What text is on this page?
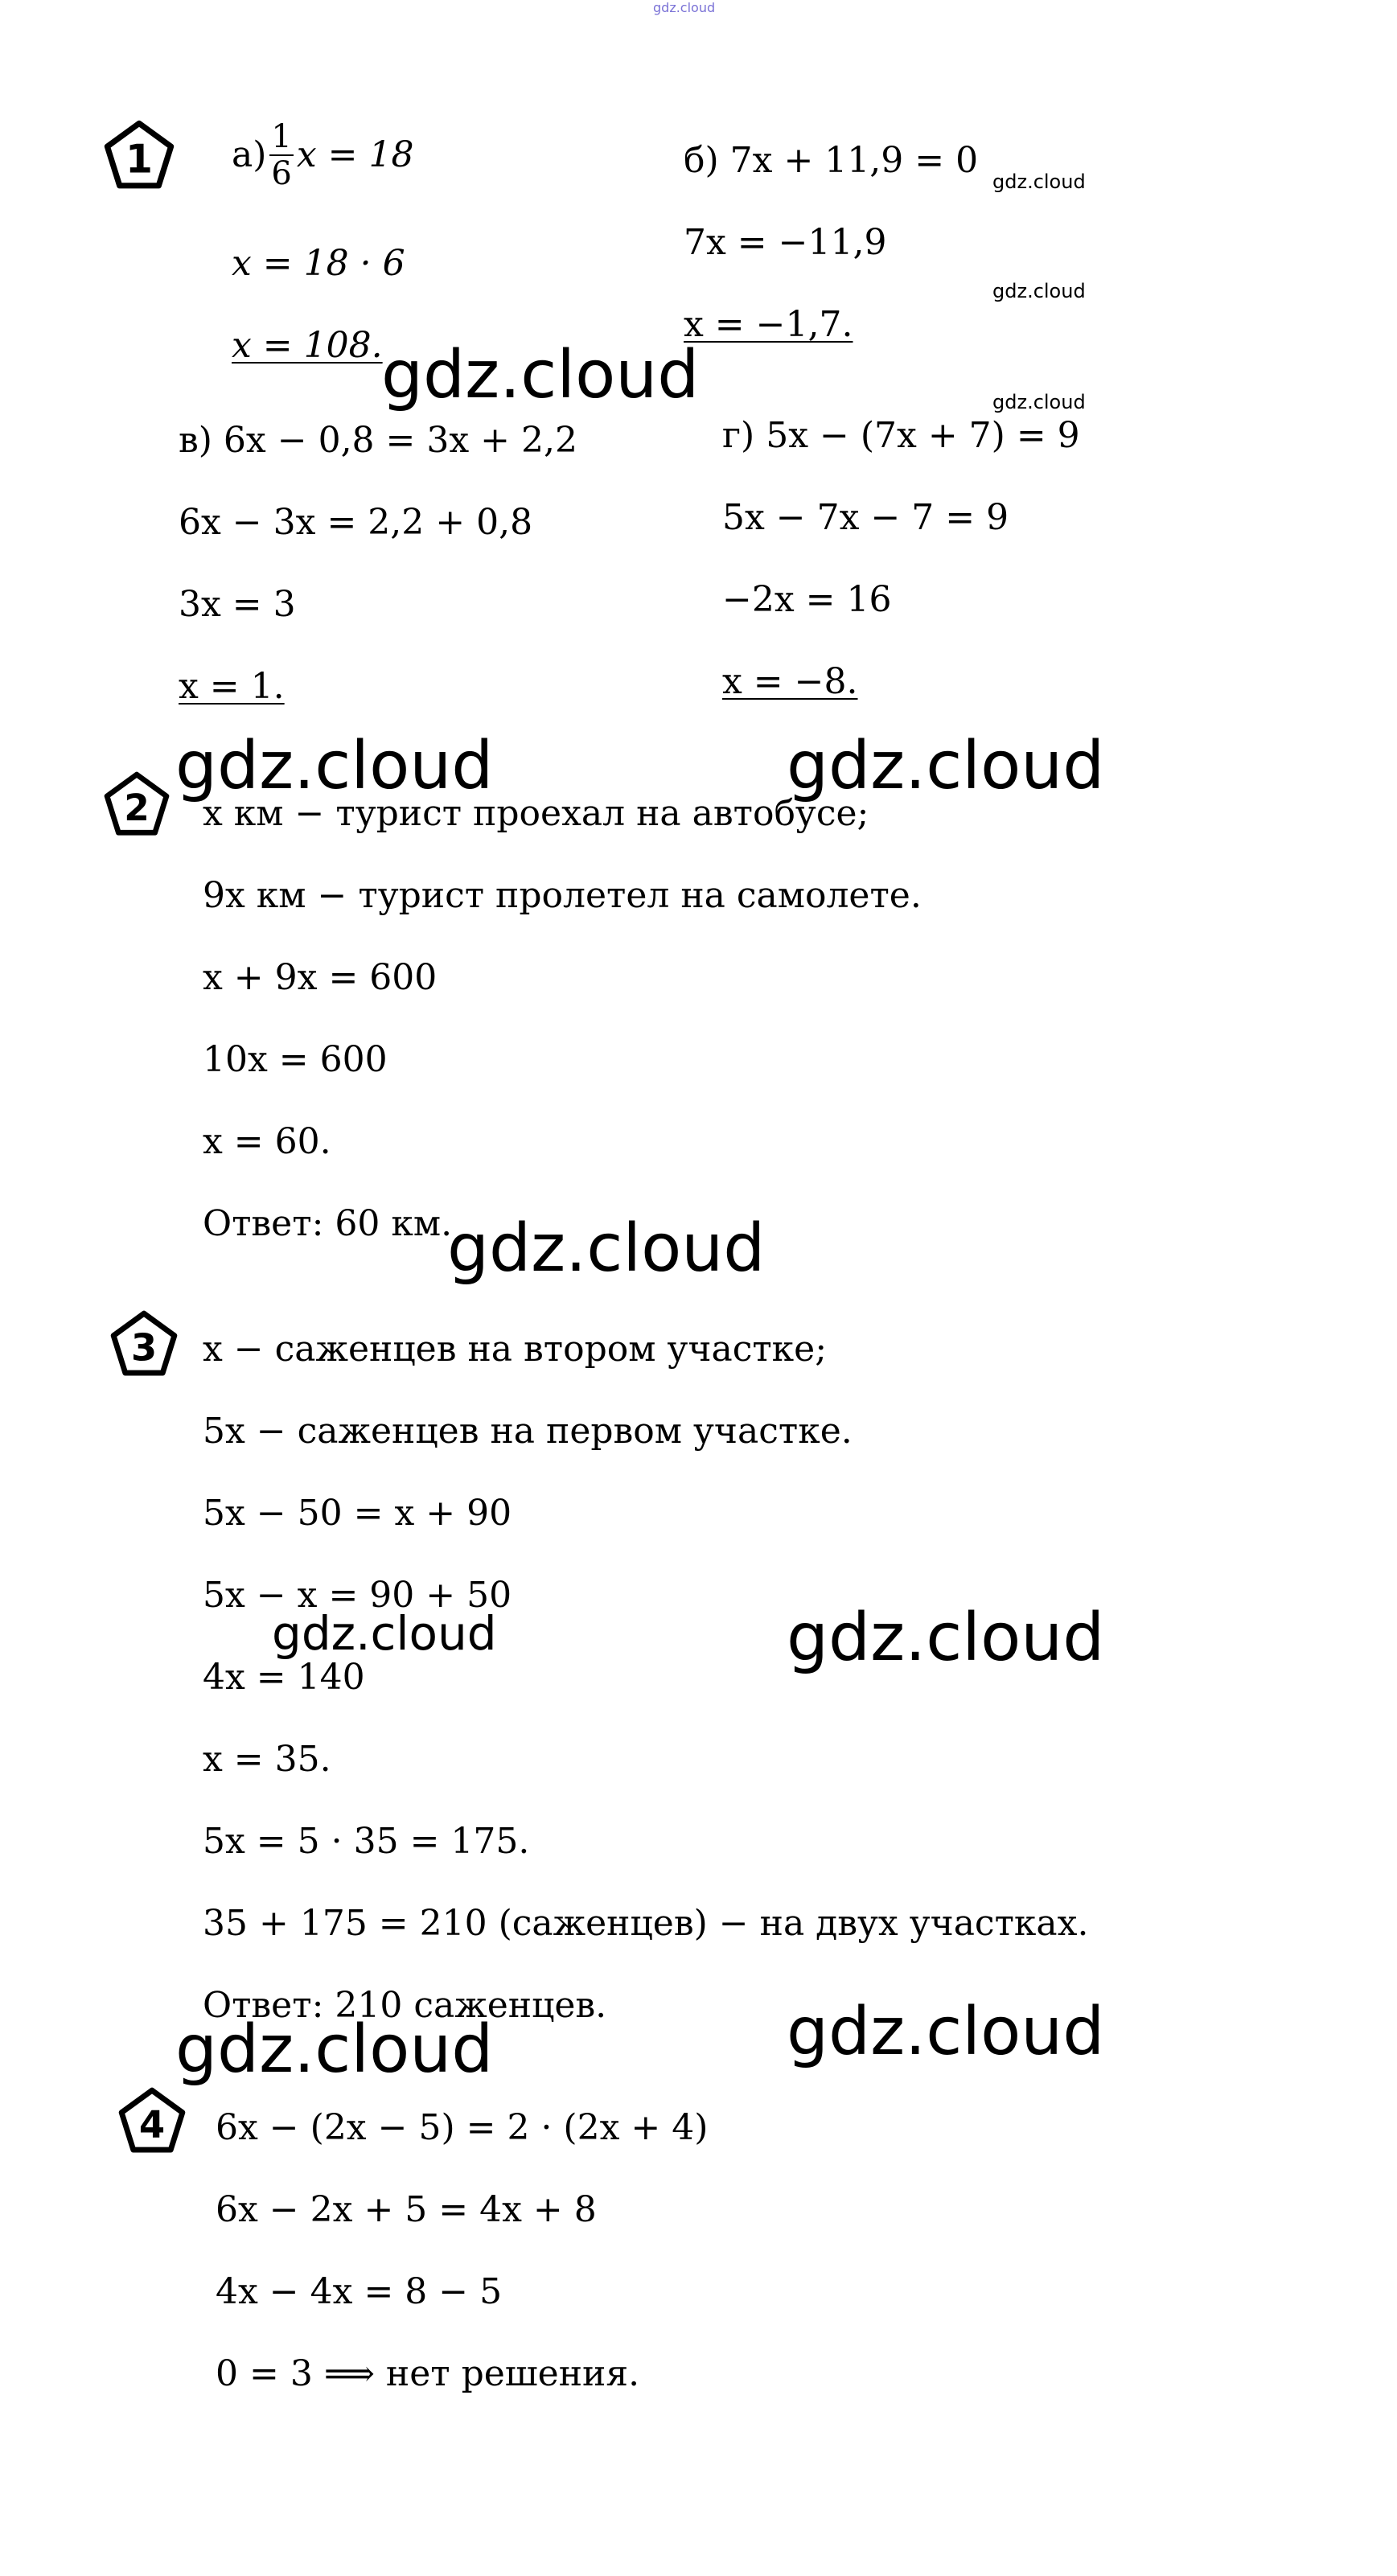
gdz.cloud
1 $а) \frac{1}{6}$ x = 18
x = 18 · 6
x = 108.
б) 7x + 11,9 = 0
7x = −11,9
x = −1,7.
gdz.cloud
gdz.cloud
gdz.cloud
gdz.cloud
в) 6x − 0,8 = 3x + 2,2
6x − 3x = 2,2 + 0,8
3x = 3
x = 1.
г) 5x − (7x + 7) = 9
5x − 7x − 7 = 9
−2x = 16
x = −8.
gdz.cloud	gdz.cloud
2 x км − турист проехал на автобусе;
9x км − турист пролетел на самолете.
x + 9x = 600
10x = 600
x = 60.
Ответ: 60 км.
gdz.cloud
3 x − саженцев на втором участке;
5x − саженцев на первом участке.
5x − 50 = x + 90
5x − x = 90 + 50
gdz.cloud	gdz.cloud
4x = 140
x = 35.
5x = 5 · 35 = 175.
35 + 175 = 210 (саженцев) − на двух участках.
Ответ: 210 саженцев.	gdz.cloud
gdz.cloud
4 6x − (2x − 5) = 2 · (2x + 4)
6x − 2x + 5 = 4x + 8
4x − 4x = 8 − 5
0 = 3 ⟹ нет решения.
